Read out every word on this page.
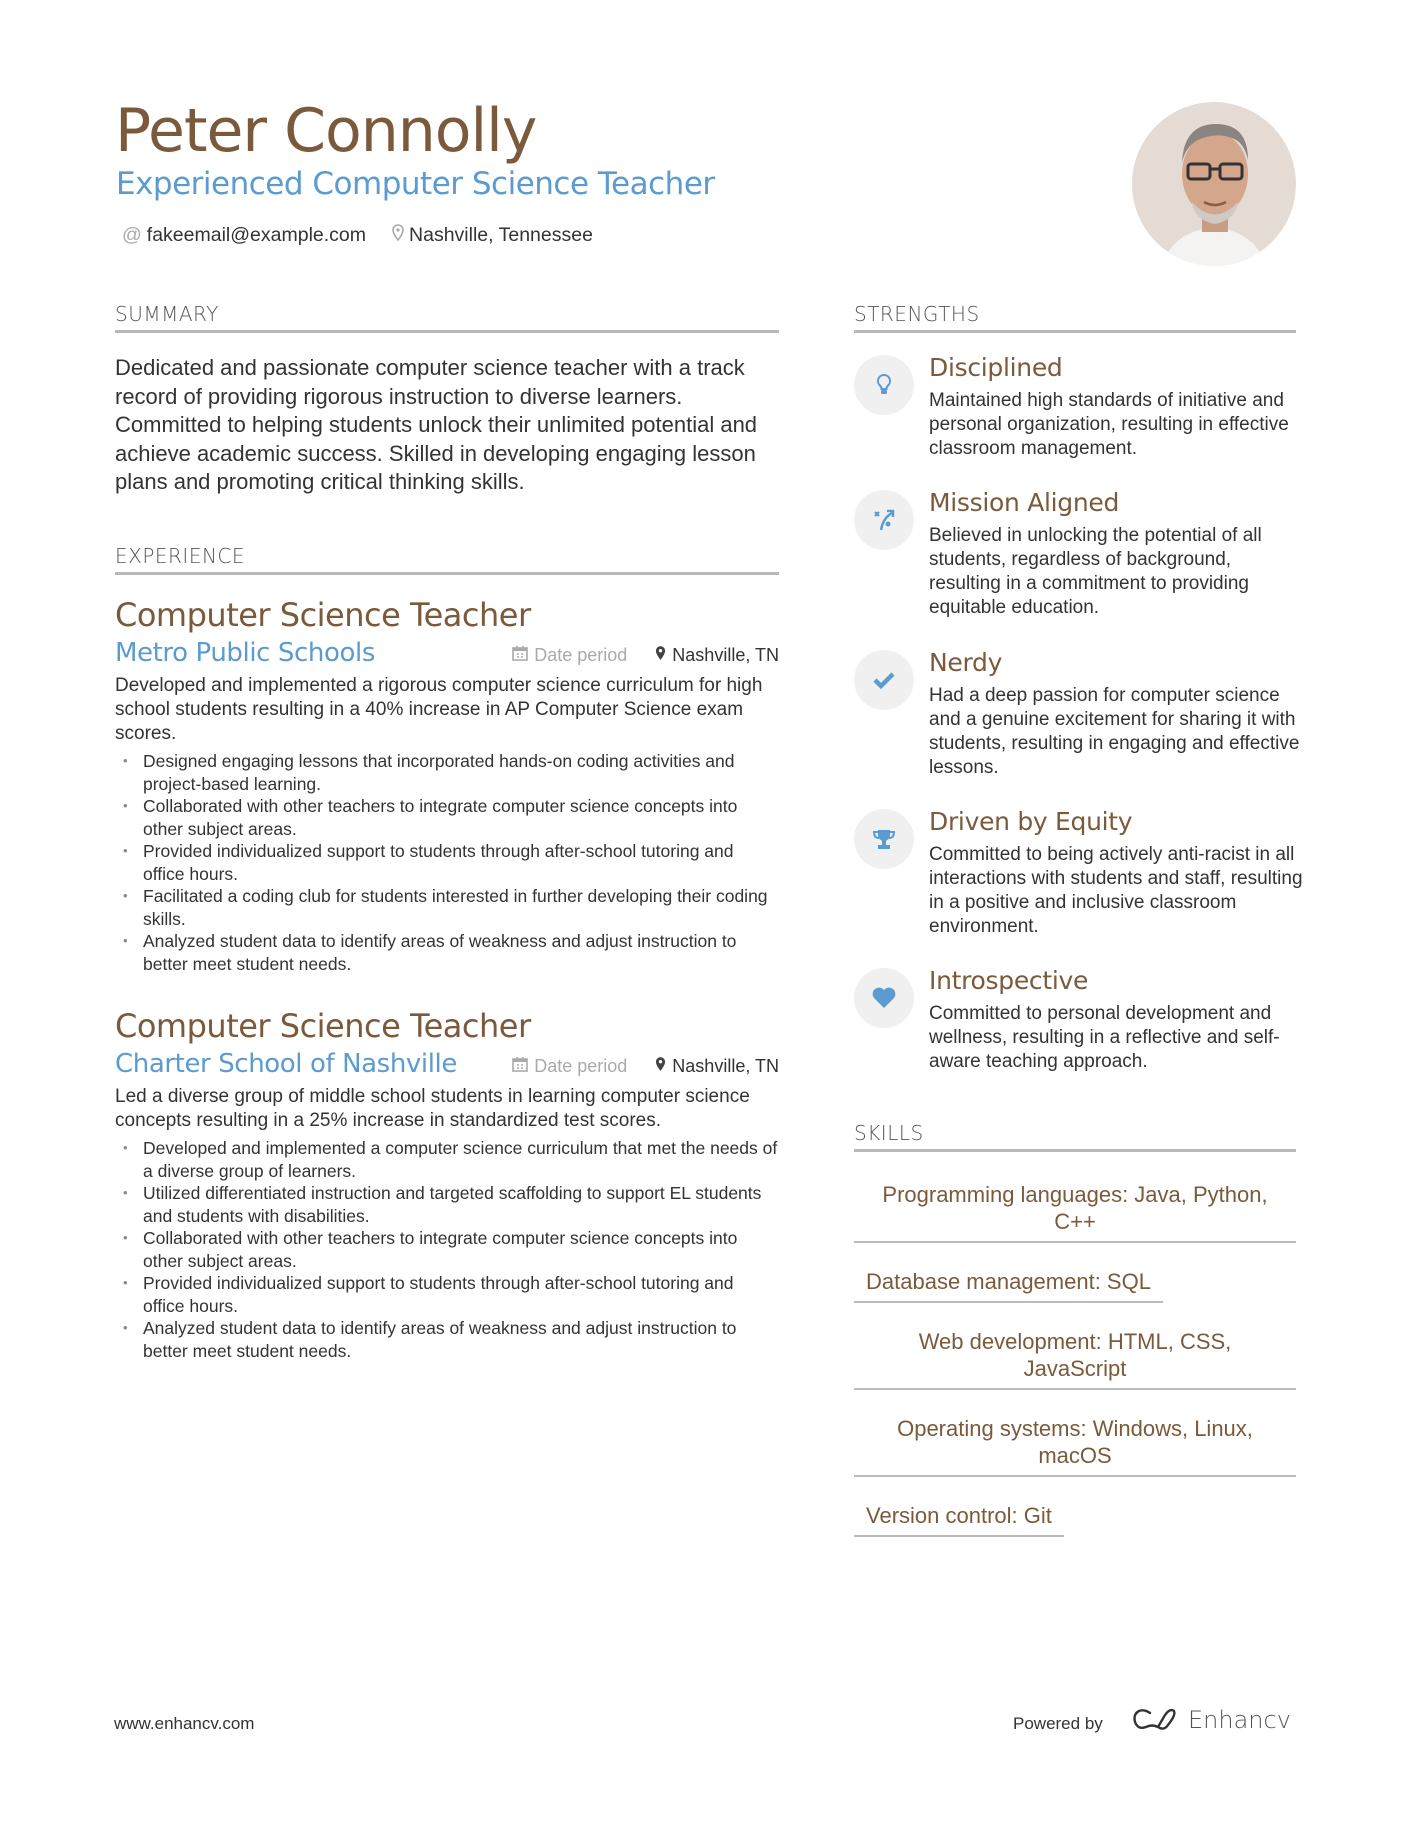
Peter Connolly
Experienced Computer Science Teacher
@ fakeemail@example.com	Nashville, Tennessee
SUMMARY
Dedicated and passionate computer science teacher with a track record of providing rigorous instruction to diverse learners. Committed to helping students unlock their unlimited potential and achieve academic success. Skilled in developing engaging lesson plans and promoting critical thinking skills.
EXPERIENCE
Computer Science Teacher
Metro Public Schools	Date period	Nashville, TN
Developed and implemented a rigorous computer science curriculum for high school students resulting in a 40% increase in AP Computer Science exam scores.
• Designed engaging lessons that incorporated hands-on coding activities and project-based learning.
• Collaborated with other teachers to integrate computer science concepts into other subject areas.
• Provided individualized support to students through after-school tutoring and office hours.
• Facilitated a coding club for students interested in further developing their coding skills.
• Analyzed student data to identify areas of weakness and adjust instruction to better meet student needs.
Computer Science Teacher
Charter School of Nashville	Date period	Nashville, TN
Led a diverse group of middle school students in learning computer science concepts resulting in a 25% increase in standardized test scores.
• Developed and implemented a computer science curriculum that met the needs of a diverse group of learners.
• Utilized differentiated instruction and targeted scaffolding to support EL students and students with disabilities.
• Collaborated with other teachers to integrate computer science concepts into other subject areas.
• Provided individualized support to students through after-school tutoring and office hours.
• Analyzed student data to identify areas of weakness and adjust instruction to better meet student needs.
STRENGTHS
Disciplined
Maintained high standards of initiative and personal organization, resulting in effective classroom management.
Mission Aligned
Believed in unlocking the potential of all students, regardless of background, resulting in a commitment to providing equitable education.
Nerdy
Had a deep passion for computer science and a genuine excitement for sharing it with students, resulting in engaging and effective lessons.
Driven by Equity
Committed to being actively anti-racist in all interactions with students and staff, resulting in a positive and inclusive classroom environment.
Introspective
Committed to personal development and wellness, resulting in a reflective and self-aware teaching approach.
SKILLS
Programming languages: Java, Python, C++
Database management: SQL
Web development: HTML, CSS, JavaScript
Operating systems: Windows, Linux, macOS
Version control: Git
www.enhancv.com	Powered by	Enhancv
